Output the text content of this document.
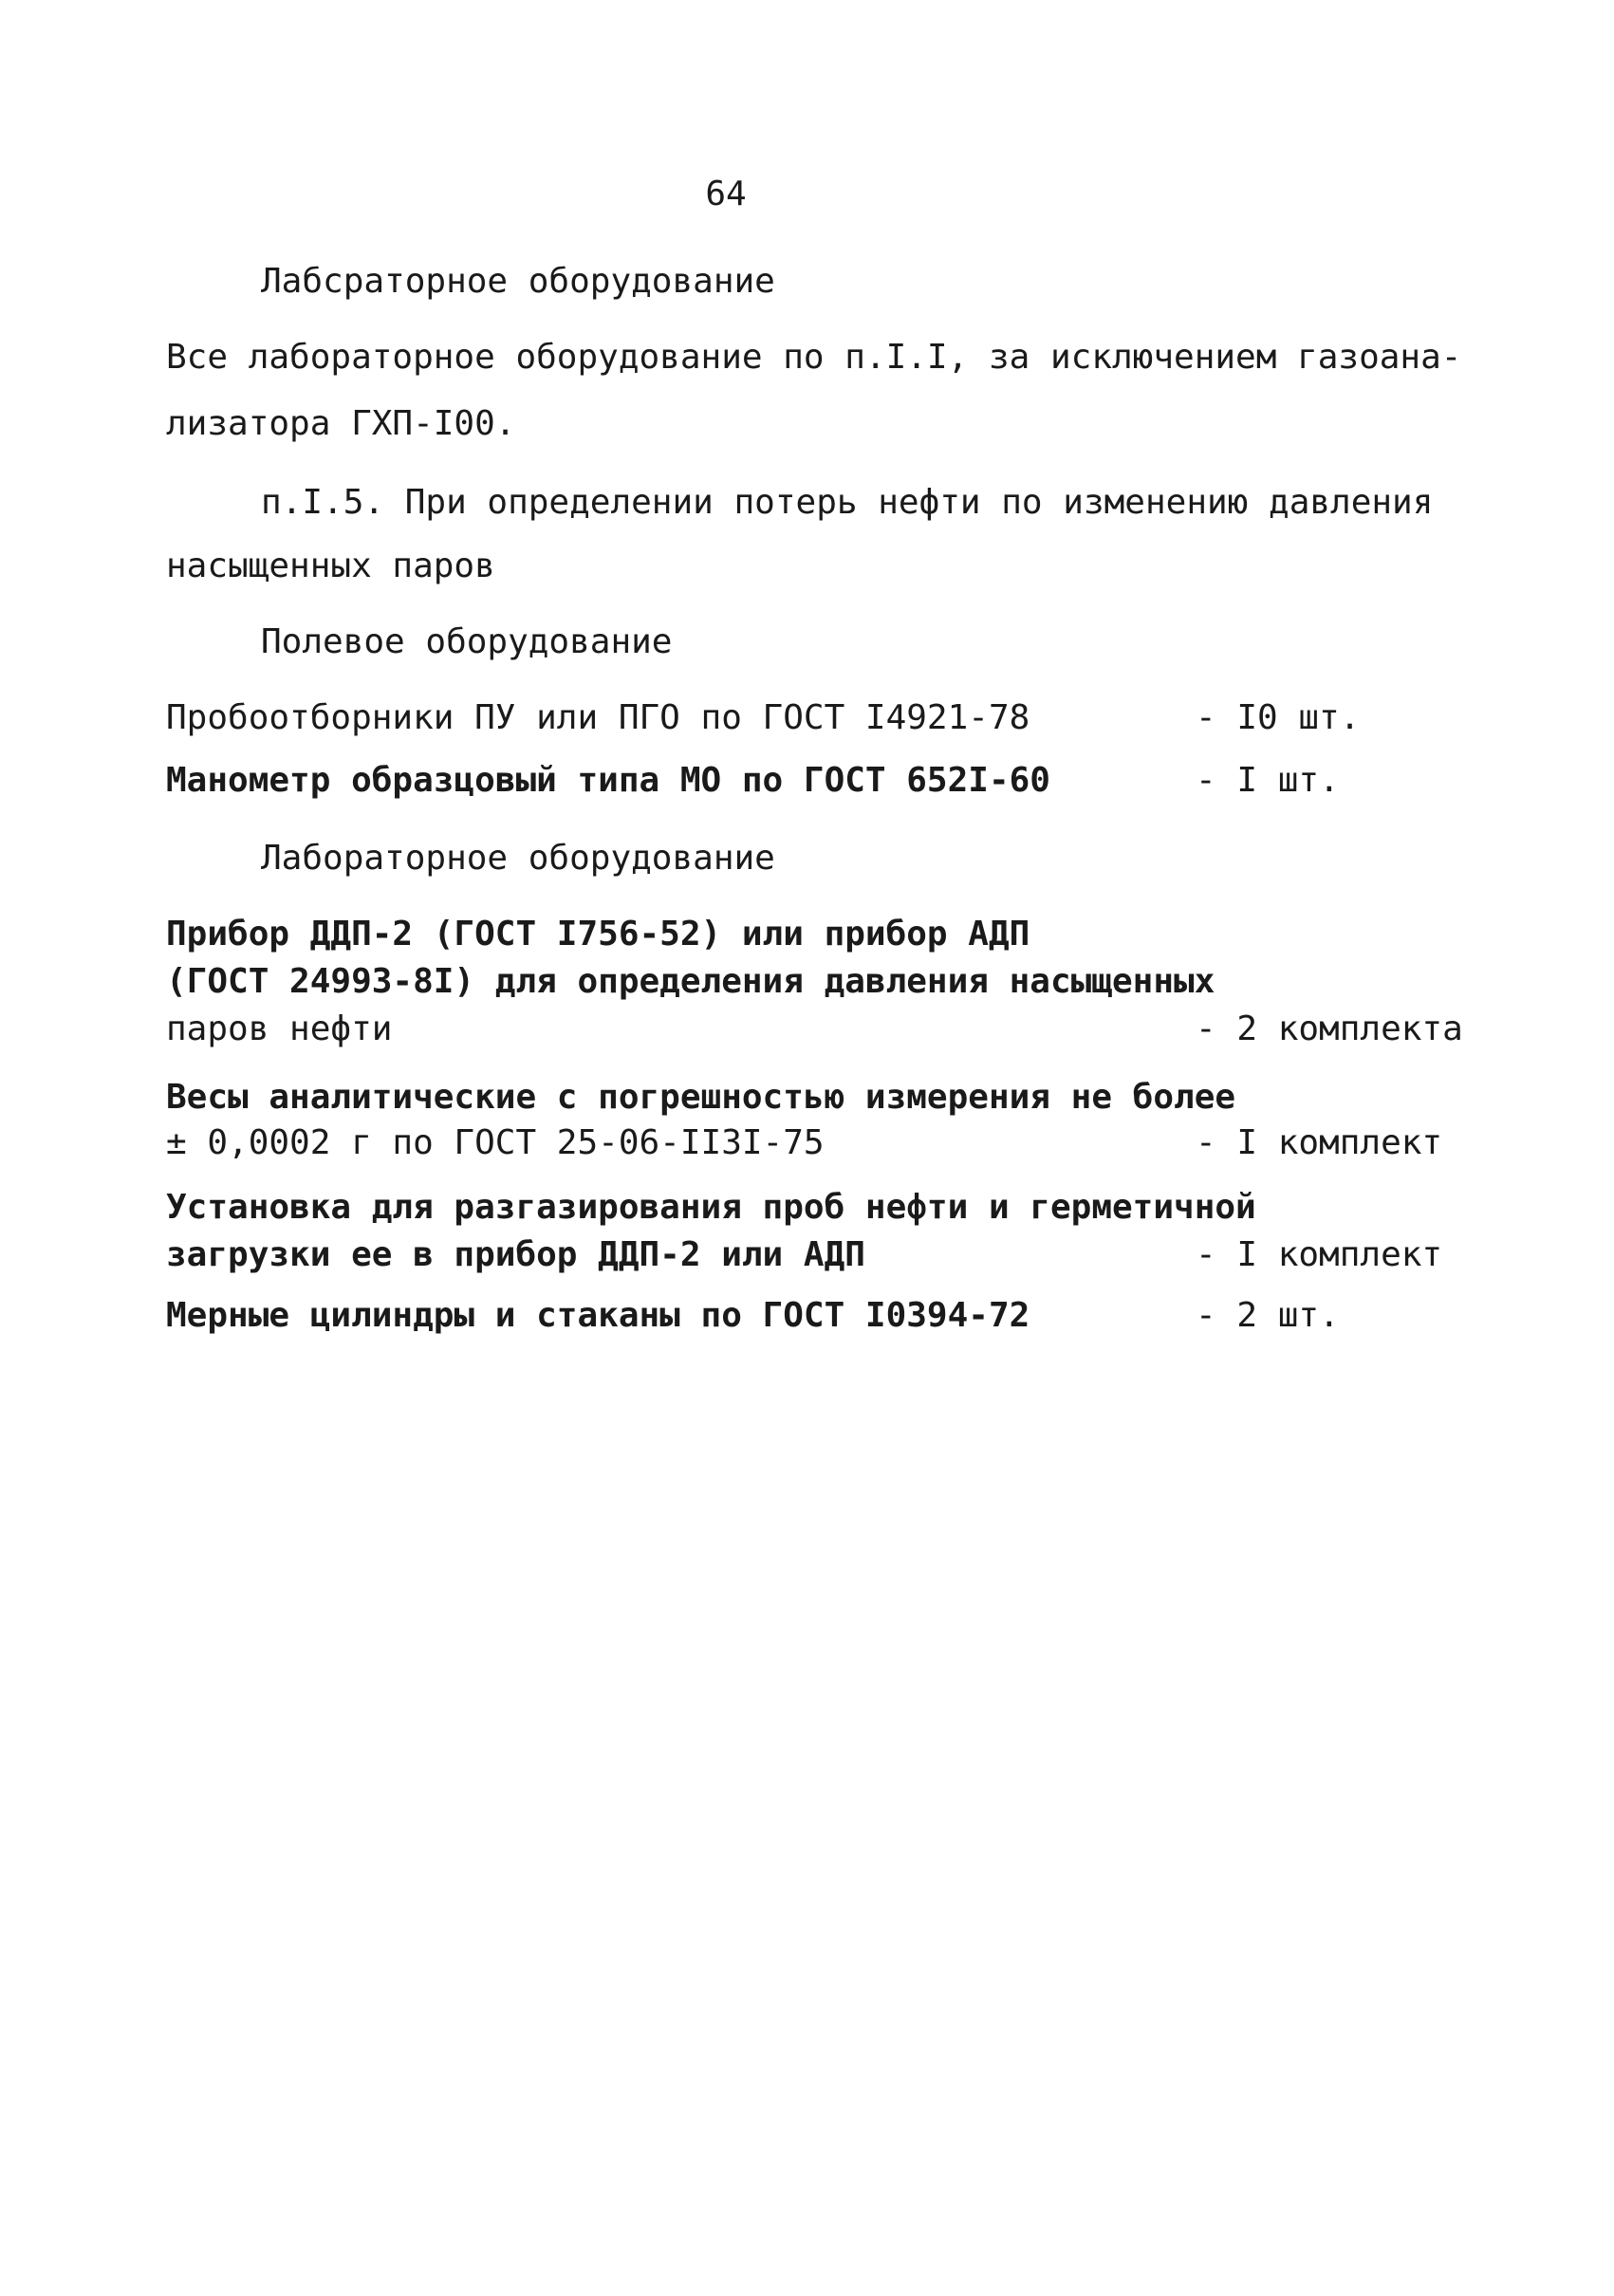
64
Лабсраторное оборудование
Все лабораторное оборудование по п.I.I, за исключением газоана-
лизатора ГХП-I00.
п.I.5. При определении потерь нефти по изменению давления
насыщенных паров
Полевое оборудование
Пробоотборники ПУ или ПГО по ГОСТ I4921-78	- I0 шт.
Манометр образцовый типа МО по ГОСТ 652I-60	- I шт.
Лабораторное оборудование
Прибор ДДП-2 (ГОСТ I756-52) или прибор АДП
(ГОСТ 24993-8I) для определения давления насыщенных
паров нефти	- 2 комплекта
Весы аналитические с погрешностью измерения не более
± 0,0002 г по ГОСТ 25-06-II3I-75	- I комплект
Установка для разгазирования проб нефти и герметичной
загрузки ее в прибор ДДП-2 или АДП	- I комплект
Мерные цилиндры и стаканы по ГОСТ I0394-72	- 2 шт.
